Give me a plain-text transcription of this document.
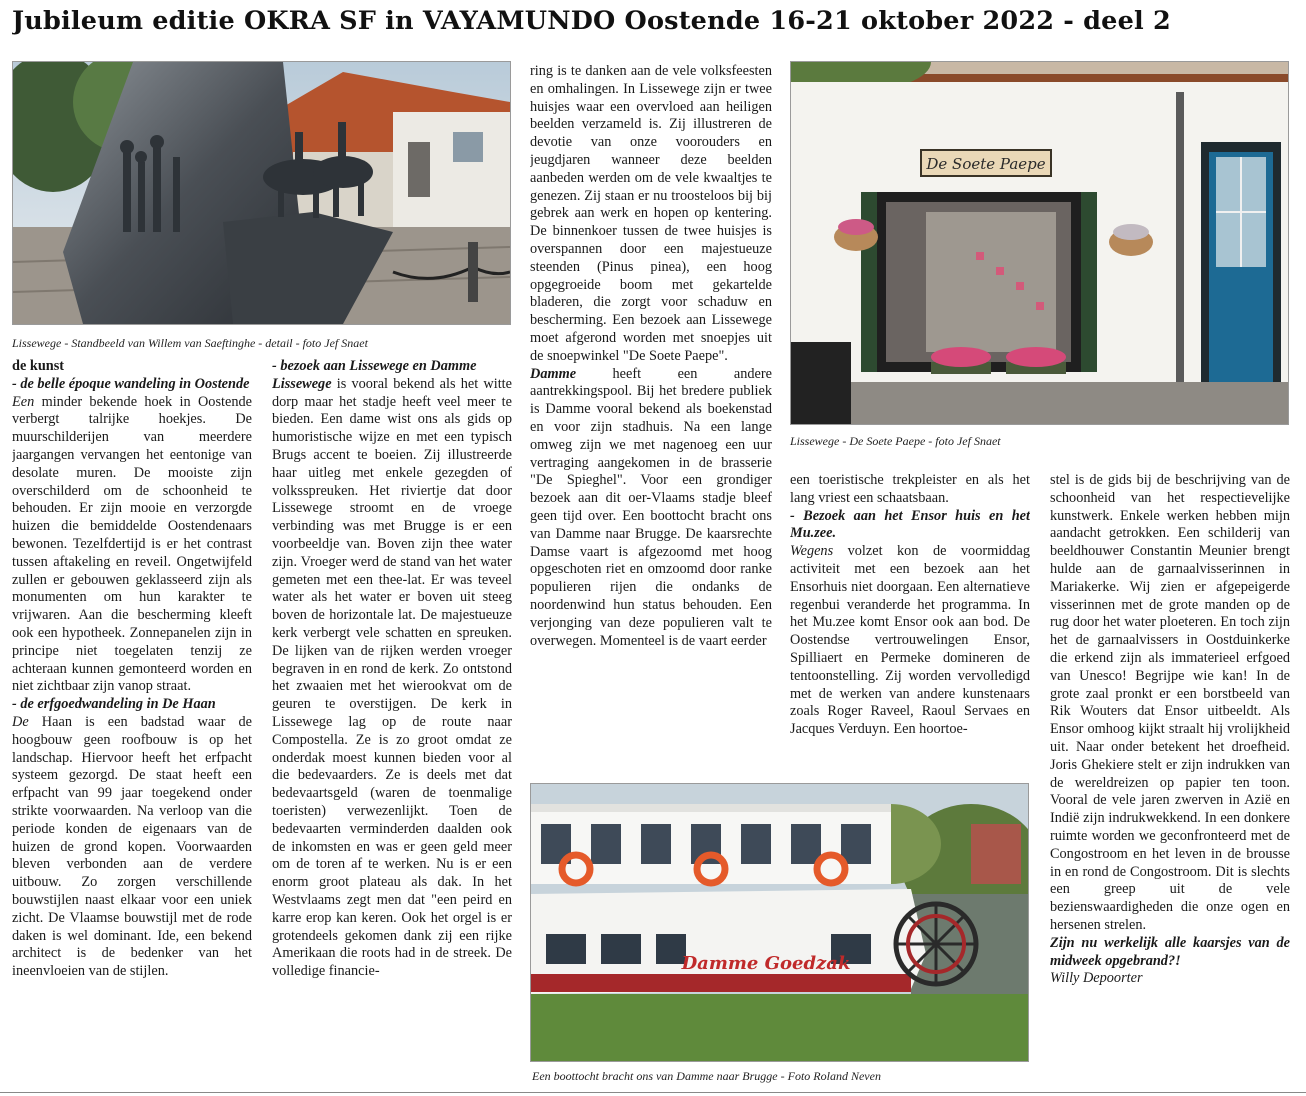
Jubileum editie OKRA SF in VAYAMUNDO Oostende 16-21 oktober 2022 - deel 2
Lissewege - Standbeeld van Willem van Saeftinghe - detail - foto Jef Snaet
De Soete Paepe
Lissewege - De Soete Paepe - foto Jef Snaet
Damme Goedzak
Een boottocht bracht ons van Damme naar Brugge - Foto Roland Neven

de kunst

- de belle époque wandeling in Oostende

Een minder bekende hoek in Oostende verbergt talrijke hoekjes. De muurschilderijen van meerdere jaargangen vervangen het eentonige van desolate muren. De mooiste zijn overschilderd om de schoonheid te behouden. Er zijn mooie en verzorgde huizen die bemiddelde Oostendenaars bewonen. Tezelfdertijd is er het contrast tussen aftakeling en reveil. Ongetwijfeld zullen er gebouwen geklasseerd zijn als monumenten om hun karakter te vrijwaren. Aan die bescherming kleeft ook een hypotheek. Zonnepanelen zijn in principe niet toegelaten tenzij ze achteraan kunnen gemonteerd worden en niet zichtbaar zijn vanop straat.

- de erfgoedwandeling in De Haan

De Haan is een badstad waar de hoogbouw geen roofbouw is op het landschap. Hiervoor heeft het erfpacht systeem gezorgd. De staat heeft een erfpacht van 99 jaar toegekend onder strikte voorwaarden. Na verloop van die periode konden de eigenaars van de huizen de grond kopen. Voorwaarden bleven verbonden aan de verdere uitbouw. Zo zorgen verschillende bouwstijlen naast elkaar voor een uniek zicht. De Vlaamse bouwstijl met de rode daken is wel dominant. Ide, een bekend architect is de bedenker van het ineenvloeien van de stijlen.

- bezoek aan Lissewege en Damme

Lissewege is vooral bekend als het witte dorp maar het stadje heeft veel meer te bieden. Een dame wist ons als gids op humoristische wijze en met een typisch Brugs accent te boeien. Zij illustreerde haar uitleg met enkele gezegden of volksspreuken. Het riviertje dat door Lissewege stroomt en de vroege verbinding was met Brugge is er een voorbeeldje van. Boven zijn thee water zijn. Vroeger werd de stand van het water gemeten met een thee-lat. Er was teveel water als het water er boven uit steeg boven de horizontale lat. De majestueuze kerk verbergt vele schatten en spreuken. De lijken van de rijken werden vroeger begraven in en rond de kerk. Zo ontstond het zwaaien met het wierookvat om de geuren te overstijgen. De kerk in Lissewege lag op de route naar Compostella. Ze is zo groot omdat ze onderdak moest kunnen bieden voor al die bedevaarders. Ze is deels met dat bedevaartsgeld (waren de toenmalige toeristen) verwezenlijkt. Toen de bedevaarten verminderden daalden ook de inkomsten en was er geen geld meer om de toren af te werken. Nu is er een enorm groot plateau als dak. In het Westvlaams zegt men dat "een peird en karre erop kan keren. Ook het orgel is er grotendeels gekomen dank zij een rijke Amerikaan die roots had in de streek. De volledige financie-

ring is te danken aan de vele volksfeesten en omhalingen. In Lissewege zijn er twee huisjes waar een overvloed aan heiligen beelden verzameld is. Zij illustreren de devotie van onze voorouders en jeugdjaren wanneer deze beelden aanbeden werden om de vele kwaaltjes te genezen. Zij staan er nu troosteloos bij bij gebrek aan werk en hopen op kentering. De binnenkoer tussen de twee huisjes is overspannen door een majestueuze steenden (Pinus pinea), een hoog opgegroeide boom met gekartelde bladeren, die zorgt voor schaduw en bescherming. Een bezoek aan Lissewege moet afgerond worden met snoepjes uit de snoepwinkel "De Soete Paepe".

Damme heeft een andere aantrekkingspool. Bij het bredere publiek is Damme vooral bekend als boekenstad en voor zijn stadhuis. Na een lange omweg zijn we met nagenoeg een uur vertraging aangekomen in de brasserie "De Spieghel". Voor een grondiger bezoek aan dit oer-Vlaams stadje bleef geen tijd over. Een boottocht bracht ons van Damme naar Brugge. De kaarsrechte Damse vaart is afgezoomd met hoog opgeschoten riet en omzoomd door ranke populieren rijen die ondanks de noordenwind hun status behouden. Een verjonging van deze populieren valt te overwegen. Momenteel is de vaart eerder

een toeristische trekpleister en als het lang vriest een schaatsbaan.

- Bezoek aan het Ensor huis en het Mu.zee.

Wegens volzet kon de voormiddag activiteit met een bezoek aan het Ensorhuis niet doorgaan. Een alternatieve regenbui veranderde het programma. In het Mu.zee komt Ensor ook aan bod. De Oostendse vertrouwelingen Ensor, Spilliaert en Permeke domineren de tentoonstelling. Zij worden vervolledigd met de werken van andere kunstenaars zoals Roger Raveel, Raoul Servaes en Jacques Verduyn. Een hoortoe-

stel is de gids bij de beschrijving van de schoonheid van het respectievelijke kunstwerk. Enkele werken hebben mijn aandacht getrokken. Een schilderij van beeldhouwer Constantin Meunier brengt hulde aan de garnaalvisserinnen in Mariakerke. Wij zien er afgepeigerde visserinnen met de grote manden op de rug door het water ploeteren. En toch zijn het de garnaalvissers in Oostduinkerke die erkend zijn als immaterieel erfgoed van Unesco! Begrijpe wie kan! In de grote zaal pronkt er een borstbeeld van Rik Wouters dat Ensor uitbeeldt. Als Ensor omhoog kijkt straalt hij vrolijkheid uit. Naar onder betekent het droefheid. Joris Ghekiere stelt er zijn indrukken van de wereldreizen op papier ten toon. Vooral de vele jaren zwerven in Azië en Indië zijn indrukwekkend. In een donkere ruimte worden we geconfronteerd met de Congostroom en het leven in de brousse in en rond de Congostroom. Dit is slechts een greep uit de vele bezienswaardigheden die onze ogen en hersenen strelen.

Zijn nu werkelijk alle kaarsjes van de midweek opgebrand?!

Willy Depoorter
